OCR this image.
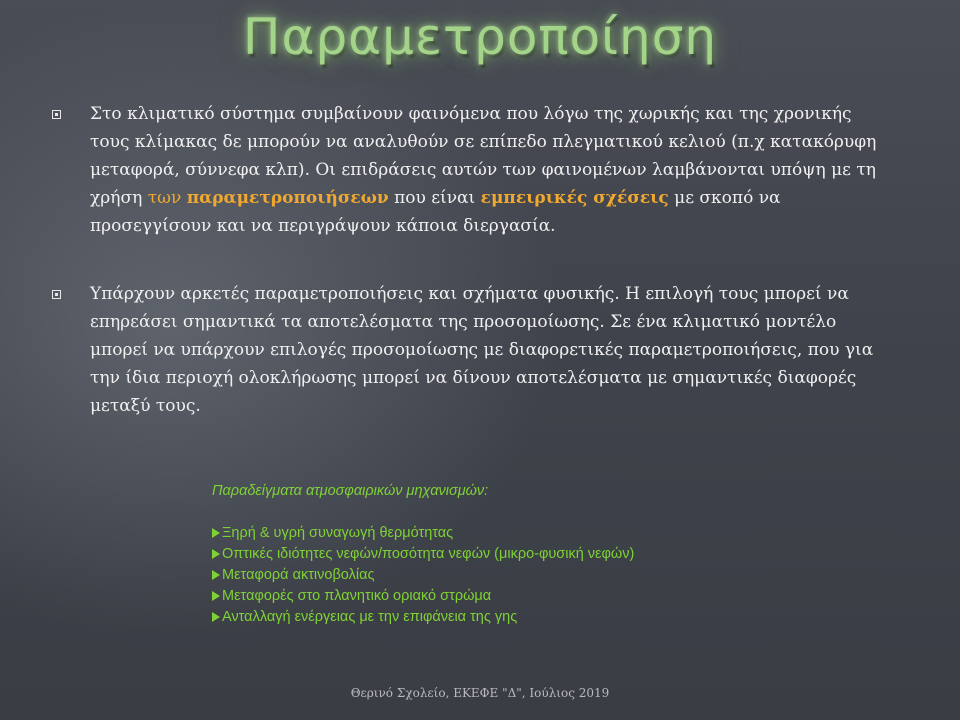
Παραμετροποίηση
Στο κλιματικό σύστημα συμβαίνουν φαινόμενα που λόγω της χωρικής και της χρονικής τους κλίμακας δε μπορούν να αναλυθούν σε επίπεδο πλεγματικού κελιού (π.χ κατακόρυφη μεταφορά, σύννεφα κλπ). Οι επιδράσεις αυτών των φαινομένων λαμβάνονται υπόψη με τη χρήση των παραμετροποιήσεων που είναι εμπειρικές σχέσεις με σκοπό να προσεγγίσουν και να περιγράψουν κάποια διεργασία.
Υπάρχουν αρκετές παραμετροποιήσεις και σχήματα φυσικής. Η επιλογή τους μπορεί να επηρεάσει σημαντικά τα αποτελέσματα της προσομοίωσης. Σε ένα κλιματικό μοντέλο μπορεί να υπάρχουν επιλογές προσομοίωσης με διαφορετικές παραμετροποιήσεις, που για την ίδια περιοχή ολοκλήρωσης μπορεί να δίνουν αποτελέσματα με σημαντικές διαφορές μεταξύ τους.
Παραδείγματα ατμοσφαιρικών μηχανισμών:
Ξηρή & υγρή συναγωγή θερμότητας
Οπτικές ιδιότητες νεφών/ποσότητα νεφών (μικρο-φυσική νεφών)
Μεταφορά ακτινοβολίας
Μεταφορές στο πλανητικό οριακό στρώμα
Ανταλλαγή ενέργειας με την επιφάνεια της γης
Θερινό Σχολείο, ΕΚΕΦΕ "Δ", Ιούλιος 2019
